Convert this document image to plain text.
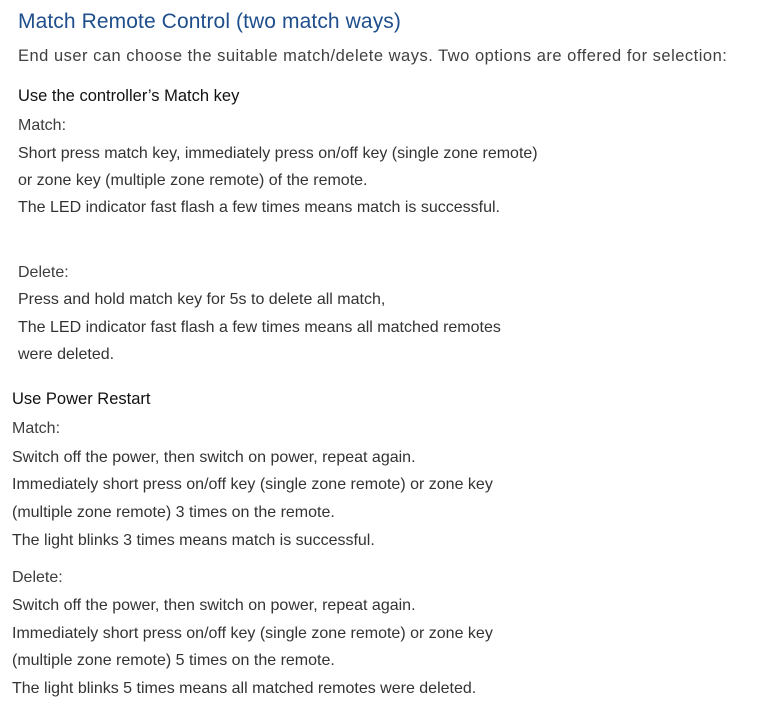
Match Remote Control (two match ways)
End user can choose the suitable match/delete ways. Two options are offered for selection:
Use the controller’s Match key
Match:
Short press match key, immediately press on/off key (single zone remote)
or zone key (multiple zone remote) of the remote.
The LED indicator fast flash a few times means match is successful.
Delete:
Press and hold match key for 5s to delete all match,
The LED indicator fast flash a few times means all matched remotes
were deleted.
Use Power Restart
Match:
Switch off the power, then switch on power, repeat again.
Immediately short press on/off key (single zone remote) or zone key
(multiple zone remote) 3 times on the remote.
The light blinks 3 times means match is successful.
Delete:
Switch off the power, then switch on power, repeat again.
Immediately short press on/off key (single zone remote) or zone key
(multiple zone remote) 5 times on the remote.
The light blinks 5 times means all matched remotes were deleted.
